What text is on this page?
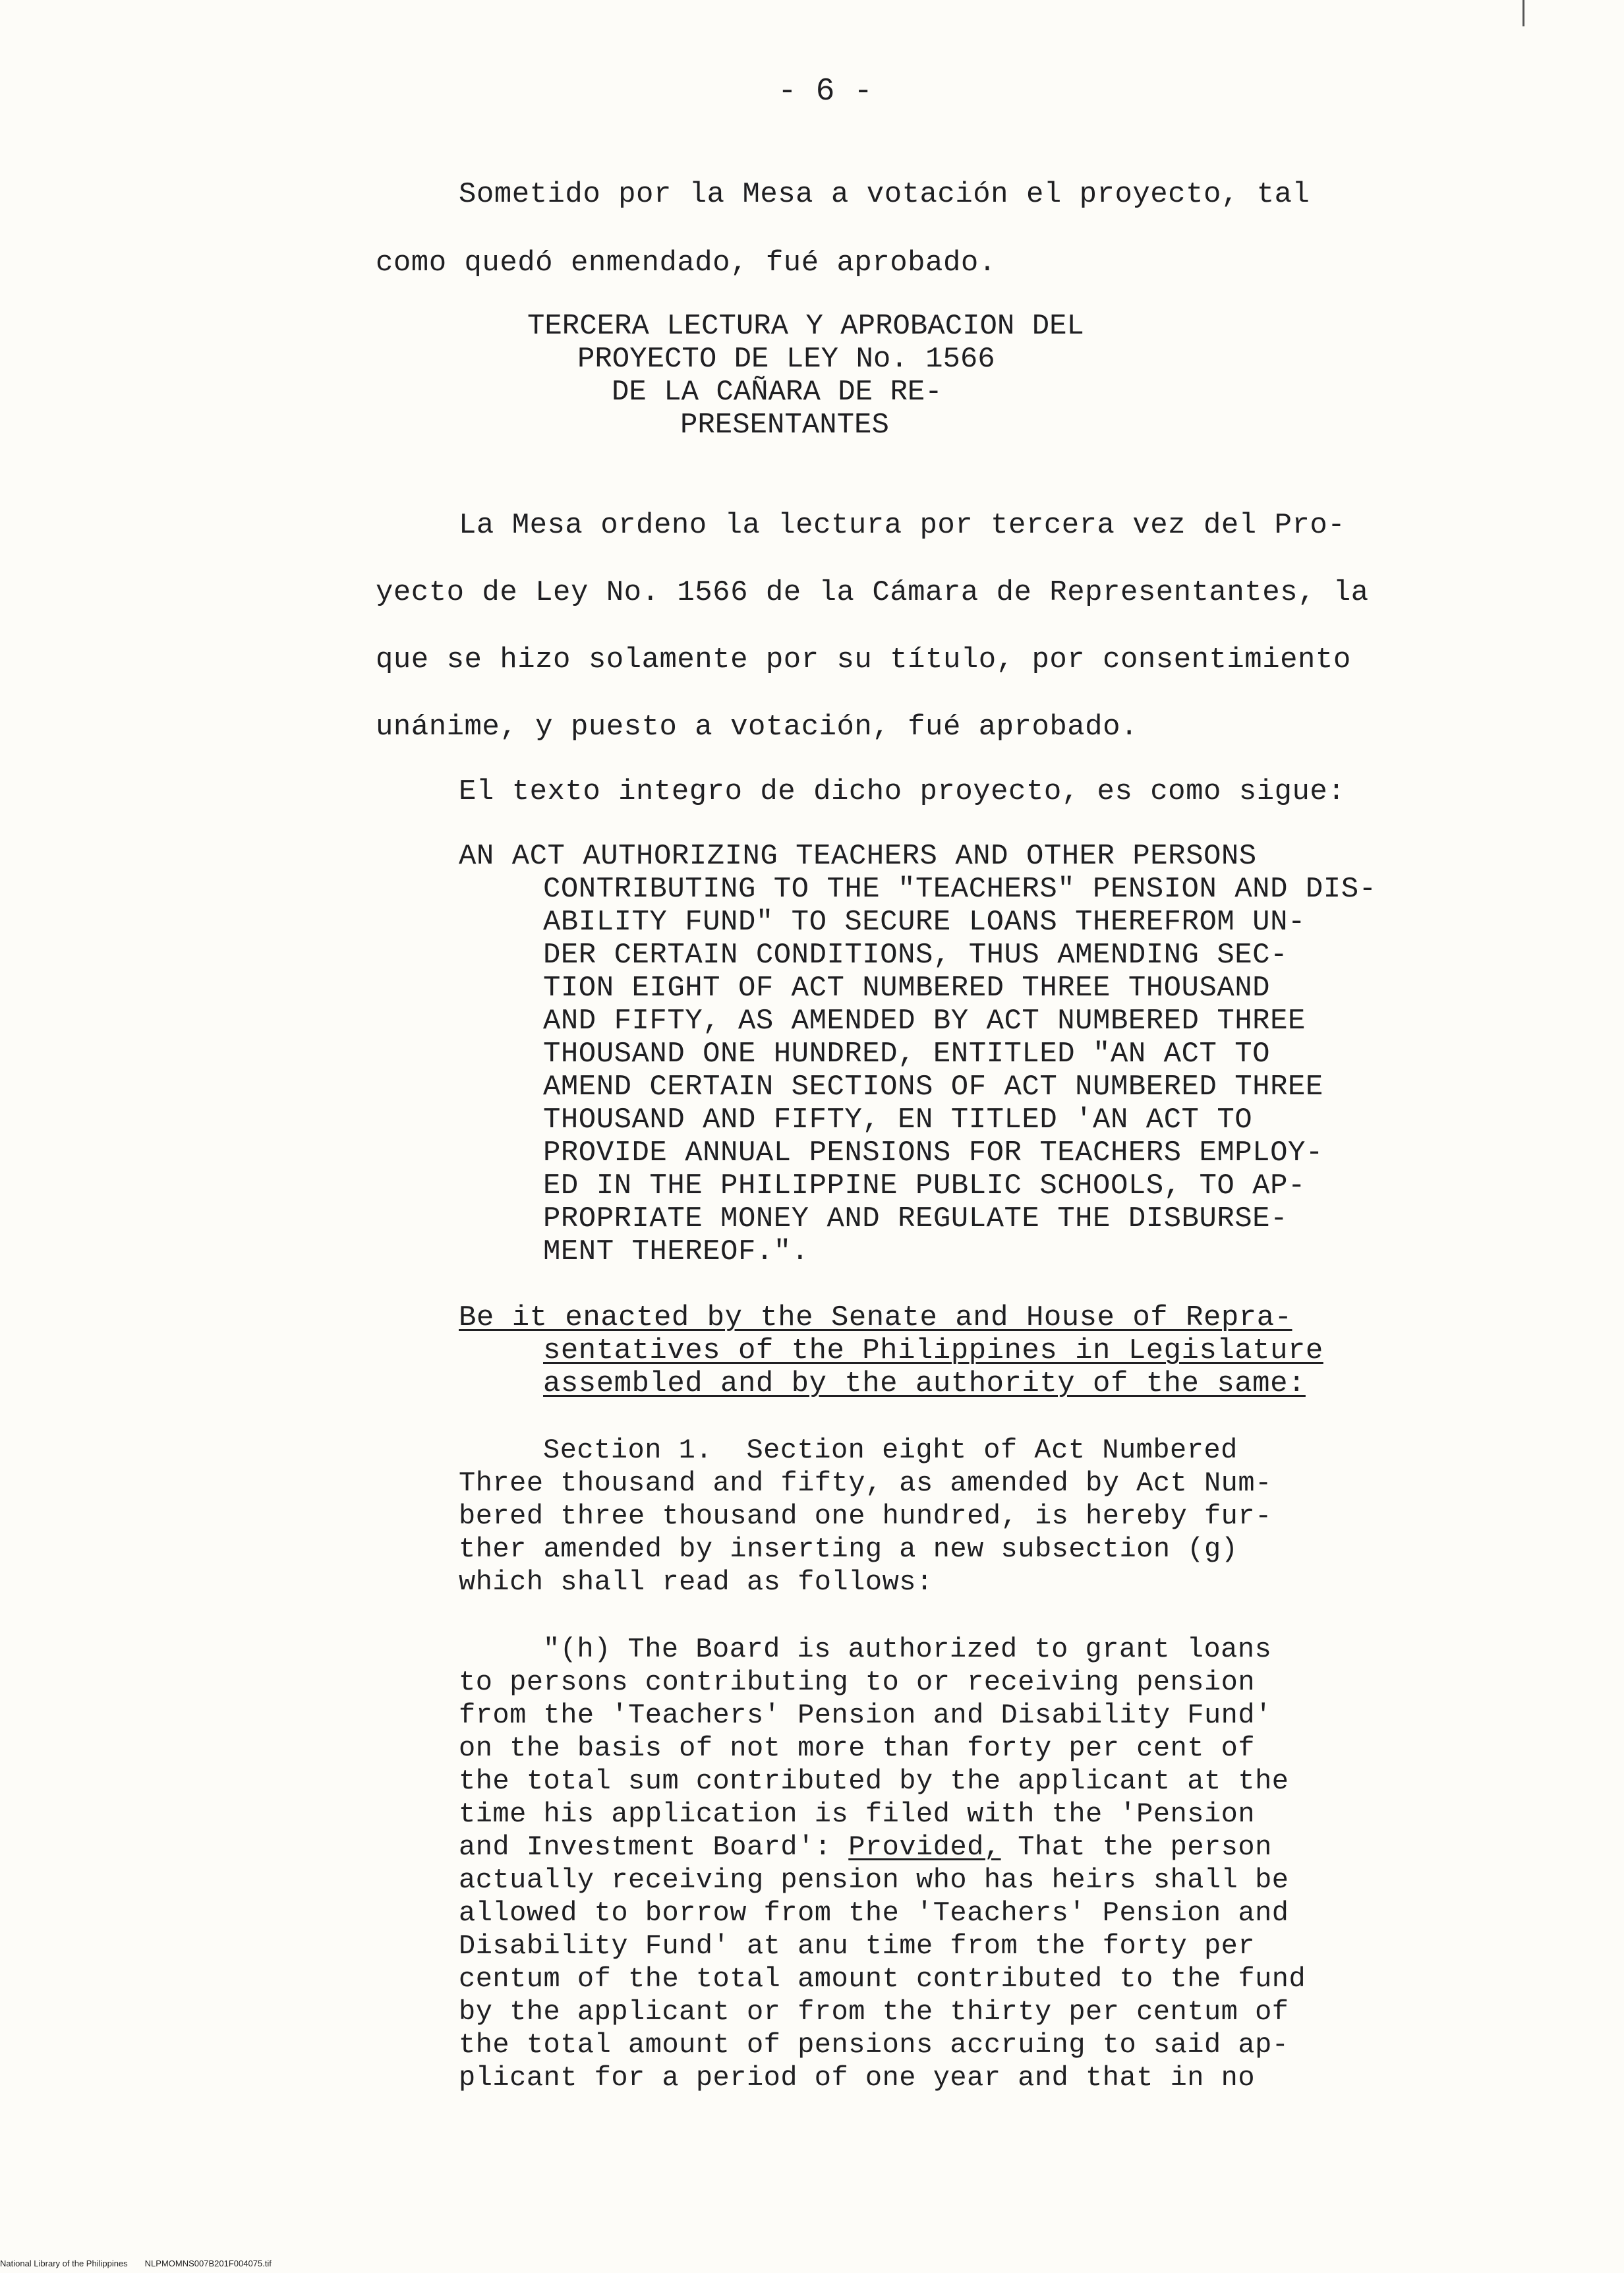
- 6 -
Sometido por la Mesa a votación el proyecto, tal
como quedó enmendado, fué aprobado.
TERCERA LECTURA Y APROBACION DEL
PROYECTO DE LEY No. 1566
DE LA CAÑARA DE RE-
PRESENTANTES
La Mesa ordeno la lectura por tercera vez del Pro-
yecto de Ley No. 1566 de la Cámara de Representantes, la
que se hizo solamente por su título, por consentimiento
unánime, y puesto a votación, fué aprobado.
El texto integro de dicho proyecto, es como sigue:
AN ACT AUTHORIZING TEACHERS AND OTHER PERSONS
CONTRIBUTING TO THE "TEACHERS" PENSION AND DIS-
ABILITY FUND" TO SECURE LOANS THEREFROM UN-
DER CERTAIN CONDITIONS, THUS AMENDING SEC-
TION EIGHT OF ACT NUMBERED THREE THOUSAND
AND FIFTY, AS AMENDED BY ACT NUMBERED THREE
THOUSAND ONE HUNDRED, ENTITLED "AN ACT TO
AMEND CERTAIN SECTIONS OF ACT NUMBERED THREE
THOUSAND AND FIFTY, EN TITLED 'AN ACT TO
PROVIDE ANNUAL PENSIONS FOR TEACHERS EMPLOY-
ED IN THE PHILIPPINE PUBLIC SCHOOLS, TO AP-
PROPRIATE MONEY AND REGULATE THE DISBURSE-
MENT THEREOF.".
Be it enacted by the Senate and House of Repra-
sentatives of the Philippines in Legislature
assembled and by the authority of the same:
Section 1.  Section eight of Act Numbered
Three thousand and fifty, as amended by Act Num-
bered three thousand one hundred, is hereby fur-
ther amended by inserting a new subsection (g)
which shall read as follows:
"(h) The Board is authorized to grant loans
to persons contributing to or receiving pension
from the 'Teachers' Pension and Disability Fund'
on the basis of not more than forty per cent of
the total sum contributed by the applicant at the
time his application is filed with the 'Pension
and Investment Board': Provided, That the person
actually receiving pension who has heirs shall be
allowed to borrow from the 'Teachers' Pension and
Disability Fund' at anu time from the forty per
centum of the total amount contributed to the fund
by the applicant or from the thirty per centum of
the total amount of pensions accruing to said ap-
plicant for a period of one year and that in no
National Library of the Philippines NLPMOMNS007B201F004075.tif
